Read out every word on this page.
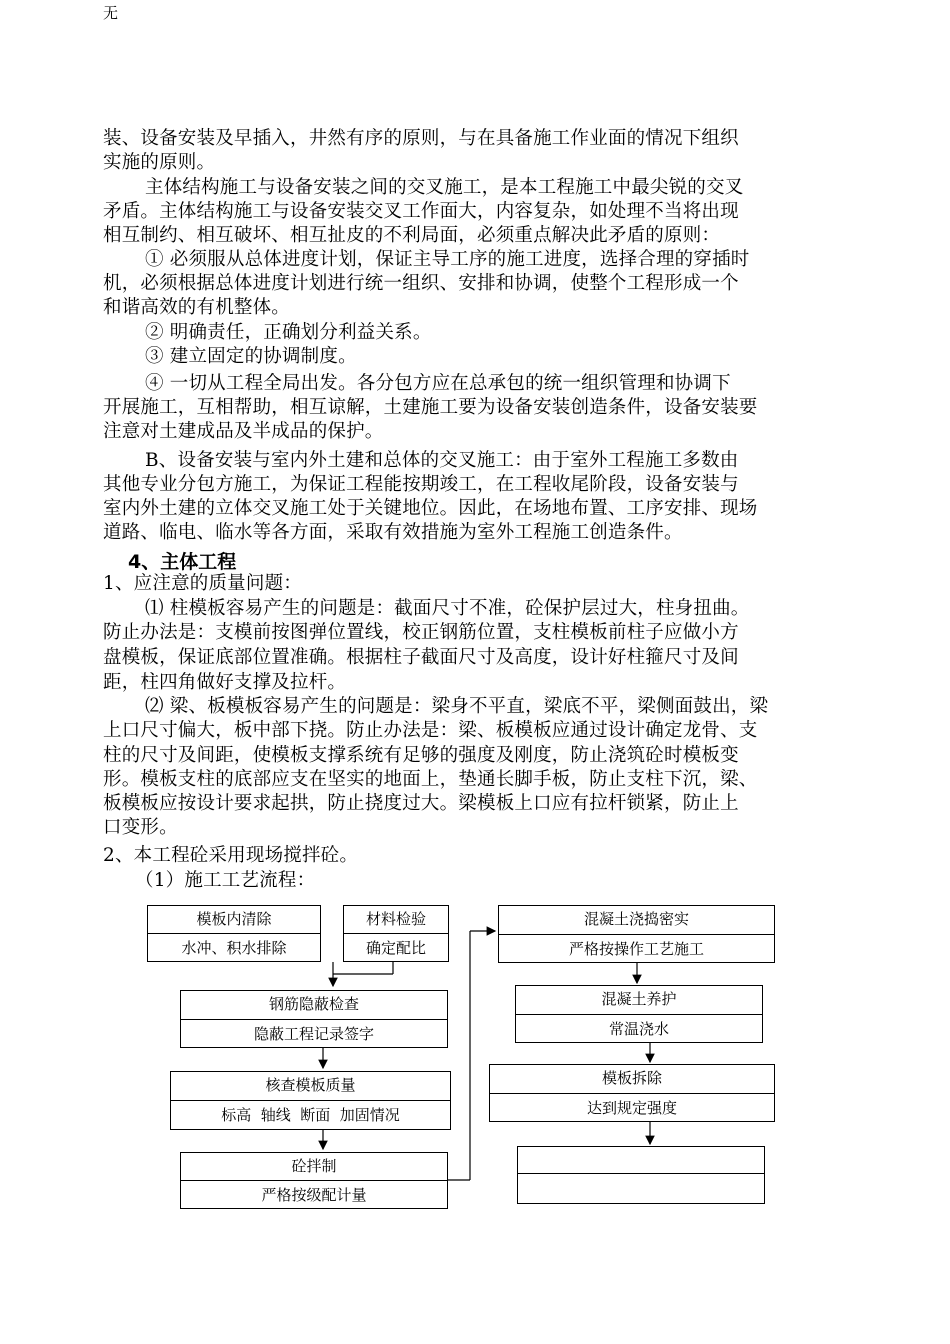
无
装、设备安装及早插入，井然有序的原则，与在具备施工作业面的情况下组织
实施的原则。
主体结构施工与设备安装之间的交叉施工，是本工程施工中最尖锐的交叉
矛盾。主体结构施工与设备安装交叉工作面大，内容复杂，如处理不当将出现
相互制约、相互破坏、相互扯皮的不利局面，必须重点解决此矛盾的原则：
① 必须服从总体进度计划，保证主导工序的施工进度，选择合理的穿插时
机，必须根据总体进度计划进行统一组织、安排和协调，使整个工程形成一个
和谐高效的有机整体。
② 明确责任，正确划分利益关系。
③ 建立固定的协调制度。
④ 一切从工程全局出发。各分包方应在总承包的统一组织管理和协调下
开展施工，互相帮助，相互谅解，土建施工要为设备安装创造条件，设备安装要
注意对土建成品及半成品的保护。
B、设备安装与室内外土建和总体的交叉施工：由于室外工程施工多数由
其他专业分包方施工，为保证工程能按期竣工，在工程收尾阶段，设备安装与
室内外土建的立体交叉施工处于关键地位。因此，在场地布置、工序安排、现场
道路、临电、临水等各方面，采取有效措施为室外工程施工创造条件。
4、主体工程
1、应注意的质量问题：
⑴ 柱模板容易产生的问题是：截面尺寸不准，砼保护层过大，柱身扭曲。
防止办法是：支模前按图弹位置线，校正钢筋位置，支柱模板前柱子应做小方
盘模板，保证底部位置准确。根据柱子截面尺寸及高度，设计好柱箍尺寸及间
距，柱四角做好支撑及拉杆。
⑵ 梁、板模板容易产生的问题是：梁身不平直，梁底不平，梁侧面鼓出，梁
上口尺寸偏大，板中部下挠。防止办法是：梁、板模板应通过设计确定龙骨、支
柱的尺寸及间距，使模板支撑系统有足够的强度及刚度，防止浇筑砼时模板变
形。模板支柱的底部应支在坚实的地面上，垫通长脚手板，防止支柱下沉，梁、
板模板应按设计要求起拱，防止挠度过大。梁模板上口应有拉杆锁紧，防止上
口变形。
2、本工程砼采用现场搅拌砼。
（1）施工工艺流程：
模板内清除
水冲、积水排除
材料检验
确定配比
钢筋隐蔽检查
隐蔽工程记录签字
核查模板质量
标高  轴线  断面  加固情况
砼拌制
严格按级配计量
混凝土浇捣密实
严格按操作工艺施工
混凝土养护
常温浇水
模板拆除
达到规定强度
